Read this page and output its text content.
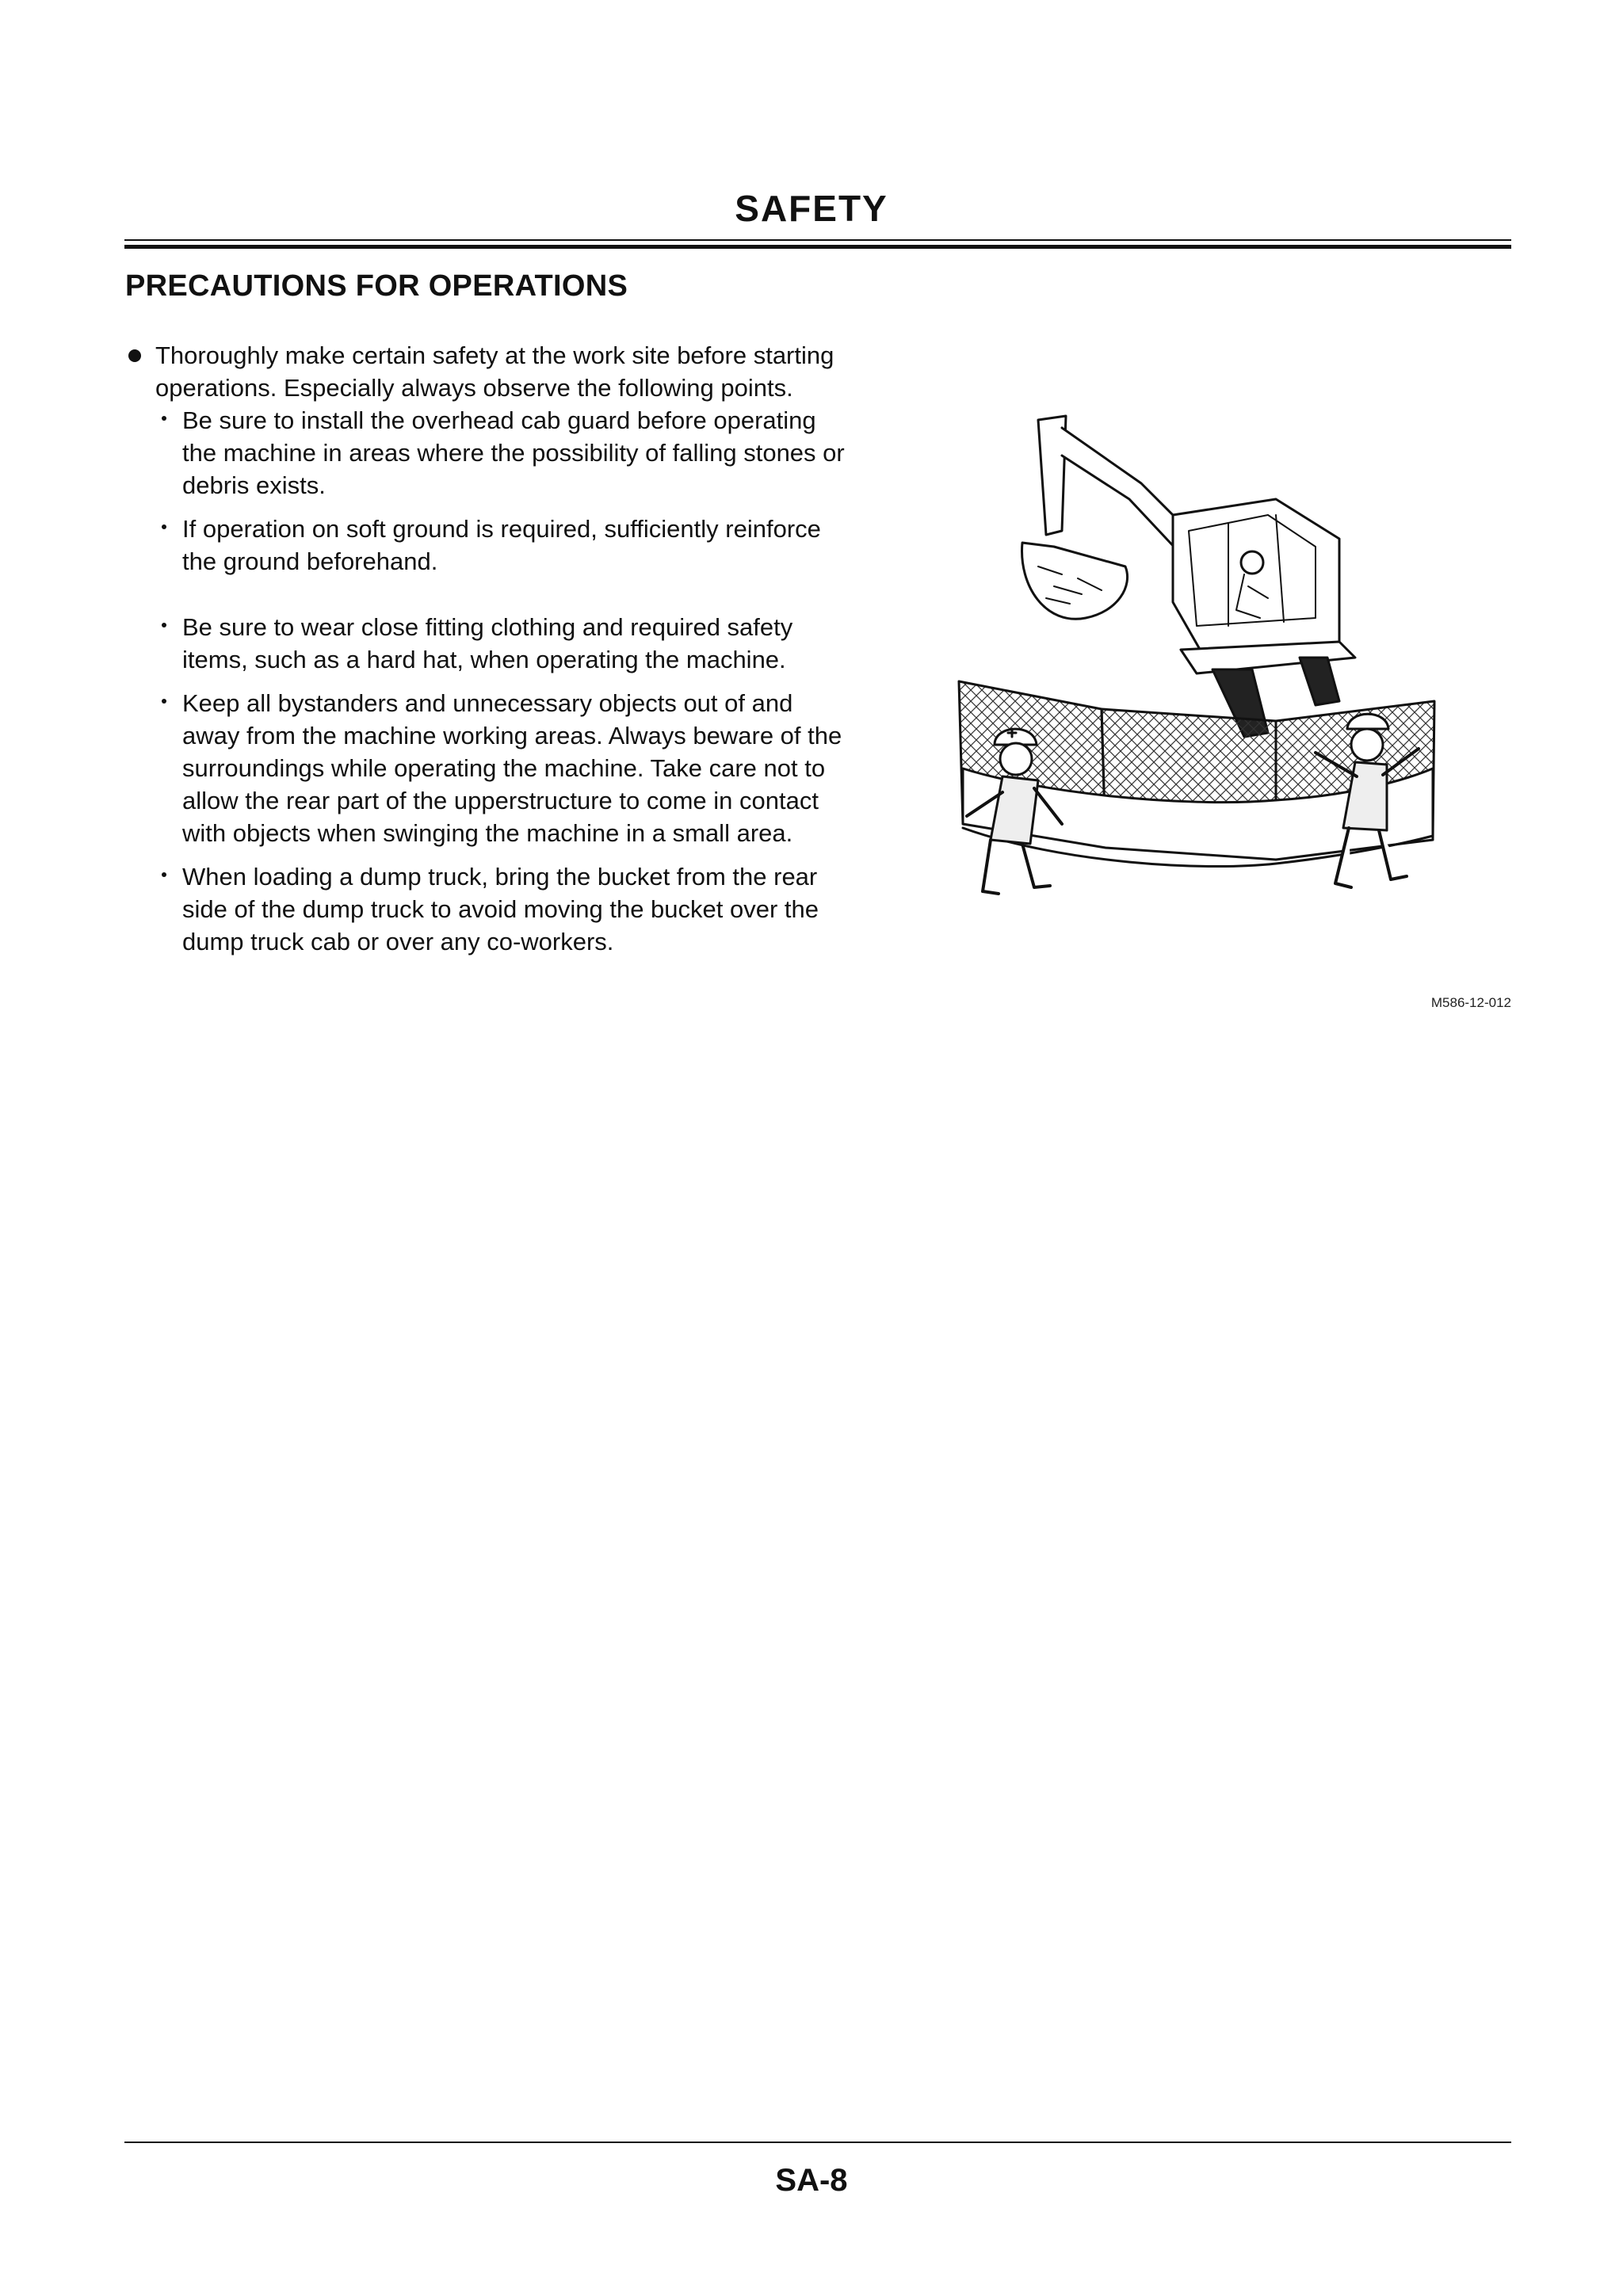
SAFETY
PRECAUTIONS FOR OPERATIONS
Thoroughly make certain safety at the work site before starting operations. Especially always observe the following points.
Be sure to install the overhead cab guard before operating the machine in areas where the possibility of falling stones or debris exists.
If operation on soft ground is required, sufficiently reinforce the ground beforehand.
Be sure to wear close fitting clothing and required safety items, such as a hard hat, when operating the machine.
Keep all bystanders and unnecessary objects out of and away from the machine working areas. Always beware of the surroundings while operating the machine. Take care not to allow the rear part of the upperstructure to come in contact with objects when swinging the machine in a small area.
When loading a dump truck, bring the bucket from the rear side of the dump truck to avoid moving the bucket over the dump truck cab or over any co-workers.
M586-12-012
SA-8
